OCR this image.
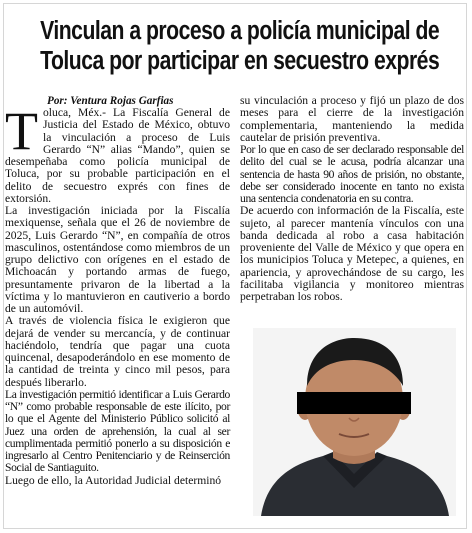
Vinculan a proceso a policía municipal de
Toluca por participar en secuestro exprés

Por: Ventura Rojas Garfias

Toluca, Méx.- La Fiscalía General de Justicia del Estado de México, obtuvo la vinculación a proceso de Luis Gerardo “N” alias “Mando”, quien se desempeñaba como policía municipal de Toluca, por su probable participación en el delito de secuestro exprés con fines de extorsión.

La investigación iniciada por la Fiscalía mexiquense, señala que el 26 de noviembre de 2025, Luis Gerardo “N”, en compañía de otros masculinos, ostentándose como miembros de un grupo delictivo con orígenes en el estado de Michoacán y portando armas de fuego, presuntamente privaron de la libertad a la víctima y lo mantuvieron en cautiverio a bordo de un automóvil.

A través de violencia física le exigieron que dejará de vender su mercancía, y de continuar haciéndolo, tendría que pagar una cuota quincenal, desapoderándolo en ese momento de la cantidad de treinta y cinco mil pesos, para después liberarlo.

La investigación permitió identificar a Luis Gerardo “N” como probable responsable de este ilícito, por lo que el Agente del Ministerio Público solicitó al Juez una orden de aprehensión, la cual al ser cumplimentada permitió ponerlo a su disposición e ingresarlo al Centro Penitenciario y de Reinserción Social de Santiaguito.

Luego de ello, la Autoridad Judicial determinó

su vinculación a proceso y fijó un plazo de dos meses para el cierre de la investigación complementaria, manteniendo la medida cautelar de prisión preventiva.

Por lo que en caso de ser declarado responsable del delito del cual se le acusa, podría alcanzar una sentencia de hasta 90 años de prisión, no obstante, debe ser considerado inocente en tanto no exista una sentencia condenatoria en su contra.

De acuerdo con información de la Fiscalía, este sujeto, al parecer mantenía vínculos con una banda dedicada al robo a casa habitación proveniente del Valle de México y que opera en los municipios Toluca y Metepec, a quienes, en apariencia, y aprovechándose de su cargo, les facilitaba vigilancia y monitoreo mientras perpetraban los robos.
